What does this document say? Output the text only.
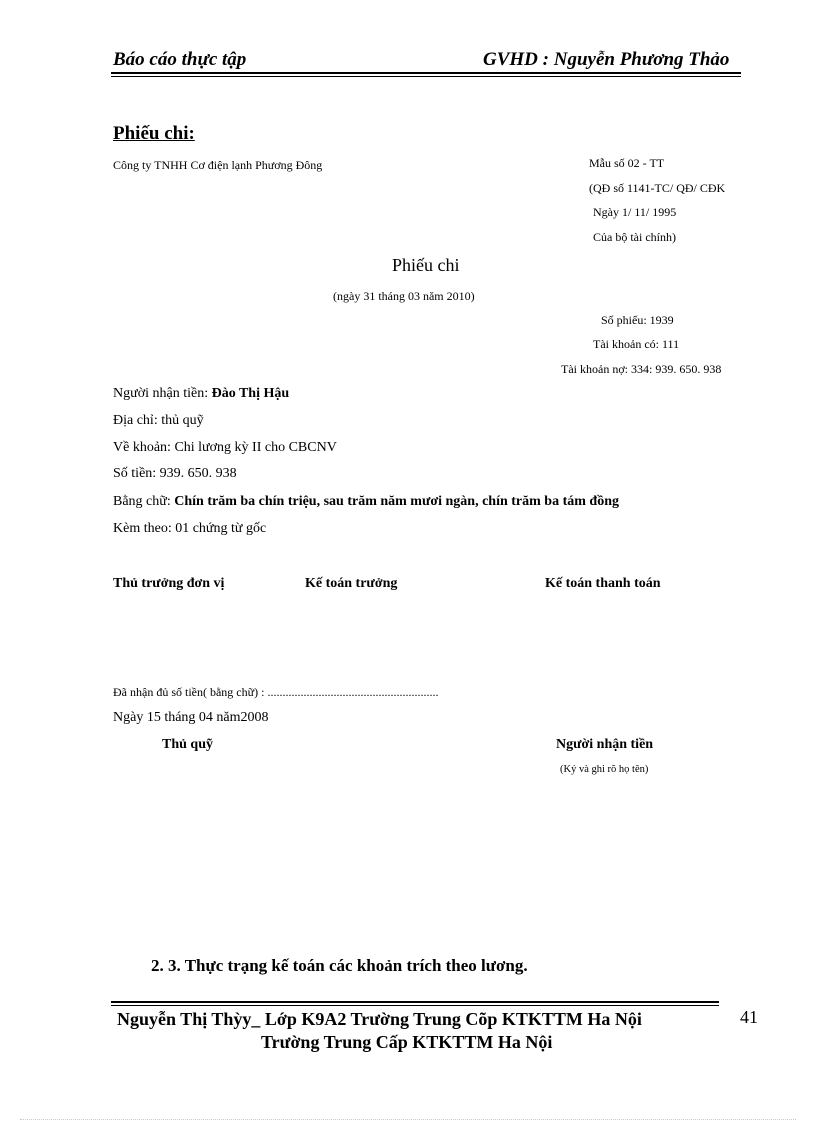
Báo cáo thực tập	GVHD : Nguyễn Phương Thảo
Phiếu chi:
Công ty TNHH Cơ điện lạnh Phương Đông	Mẫu số 02 - TT
(QĐ số 1141-TC/ QĐ/ CĐK
Ngày 1/ 11/ 1995
Của bộ tài chính)
Phiếu chi
(ngày 31 tháng 03 năm 2010)
Số phiếu: 1939
Tài khoản có: 111
Tài khoản nợ: 334: 939. 650. 938
Người nhận tiền: Đào Thị Hậu
Địa chỉ: thủ quỹ
Về khoản: Chi lương kỳ II cho CBCNV
Số tiền: 939. 650. 938
Bằng chữ: Chín trăm ba chín triệu, sau trăm năm mươi ngàn, chín trăm ba tám đồng
Kèm theo: 01 chứng từ gốc
Thủ trưởng đơn vị	Kế toán trưởng	Kế toán thanh toán
Đã nhận đủ số tiền( bằng chữ) : .........................................................
Ngày 15 tháng 04 năm2008
Thủ quỹ	Người nhận tiền
(Ký và ghi rõ họ tên)
2. 3. Thực trạng kế toán các khoản trích theo lương.
Nguyễn Thị Thỳy_ Lớp K9A2 Trường Trung Cõp KTKTTM Ha Nội
Trường Trung Cấp KTKTTM Ha Nội
41
